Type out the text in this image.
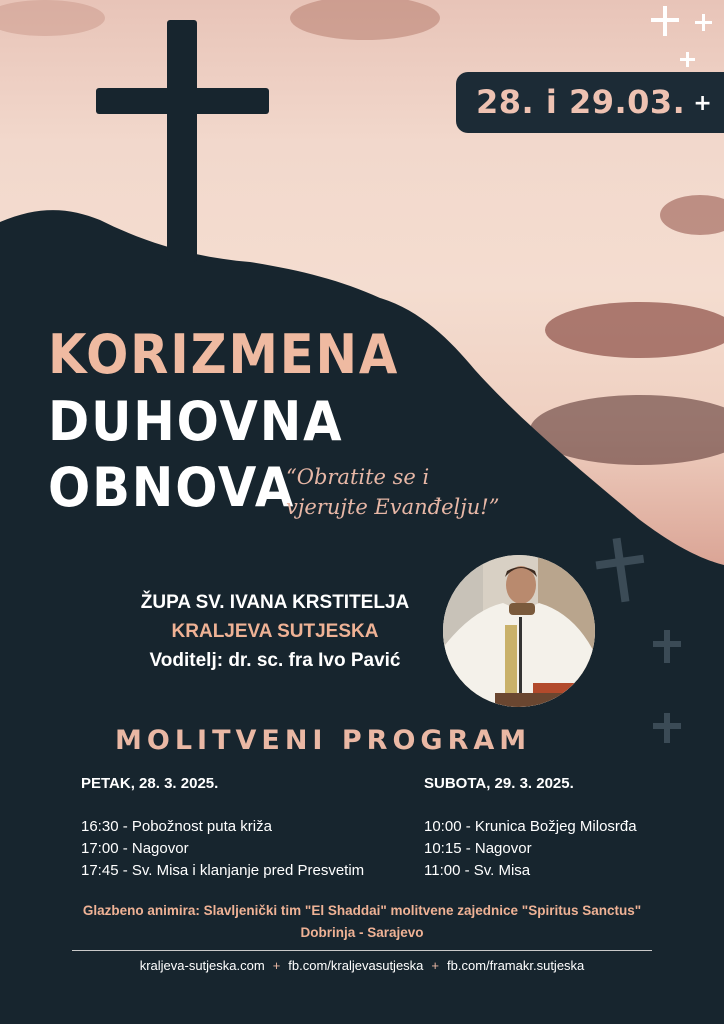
28. i 29.03. +
KORIZMENA
DUHOVNA
OBNOVA
“Obratite se i
vjerujte Evanđelju!”
ŽUPA SV. IVANA KRSTITELJA
KRALJEVA SUTJESKA
Voditelj: dr. sc. fra Ivo Pavić
MOLITVENI PROGRAM
PETAK, 28. 3. 2025.
16:30 - Pobožnost puta križa
17:00 - Nagovor
17:45 - Sv. Misa i klanjanje pred Presvetim
SUBOTA, 29. 3. 2025.
10:00 - Krunica Božjeg Milosrđa
10:15 - Nagovor
11:00 - Sv. Misa
Glazbeno animira: Slavljenički tim "El Shaddai" molitvene zajednice "Spiritus Sanctus"
Dobrinja - Sarajevo
kraljeva-sutjeska.com + fb.com/kraljevasutjeska + fb.com/framakr.sutjeska
